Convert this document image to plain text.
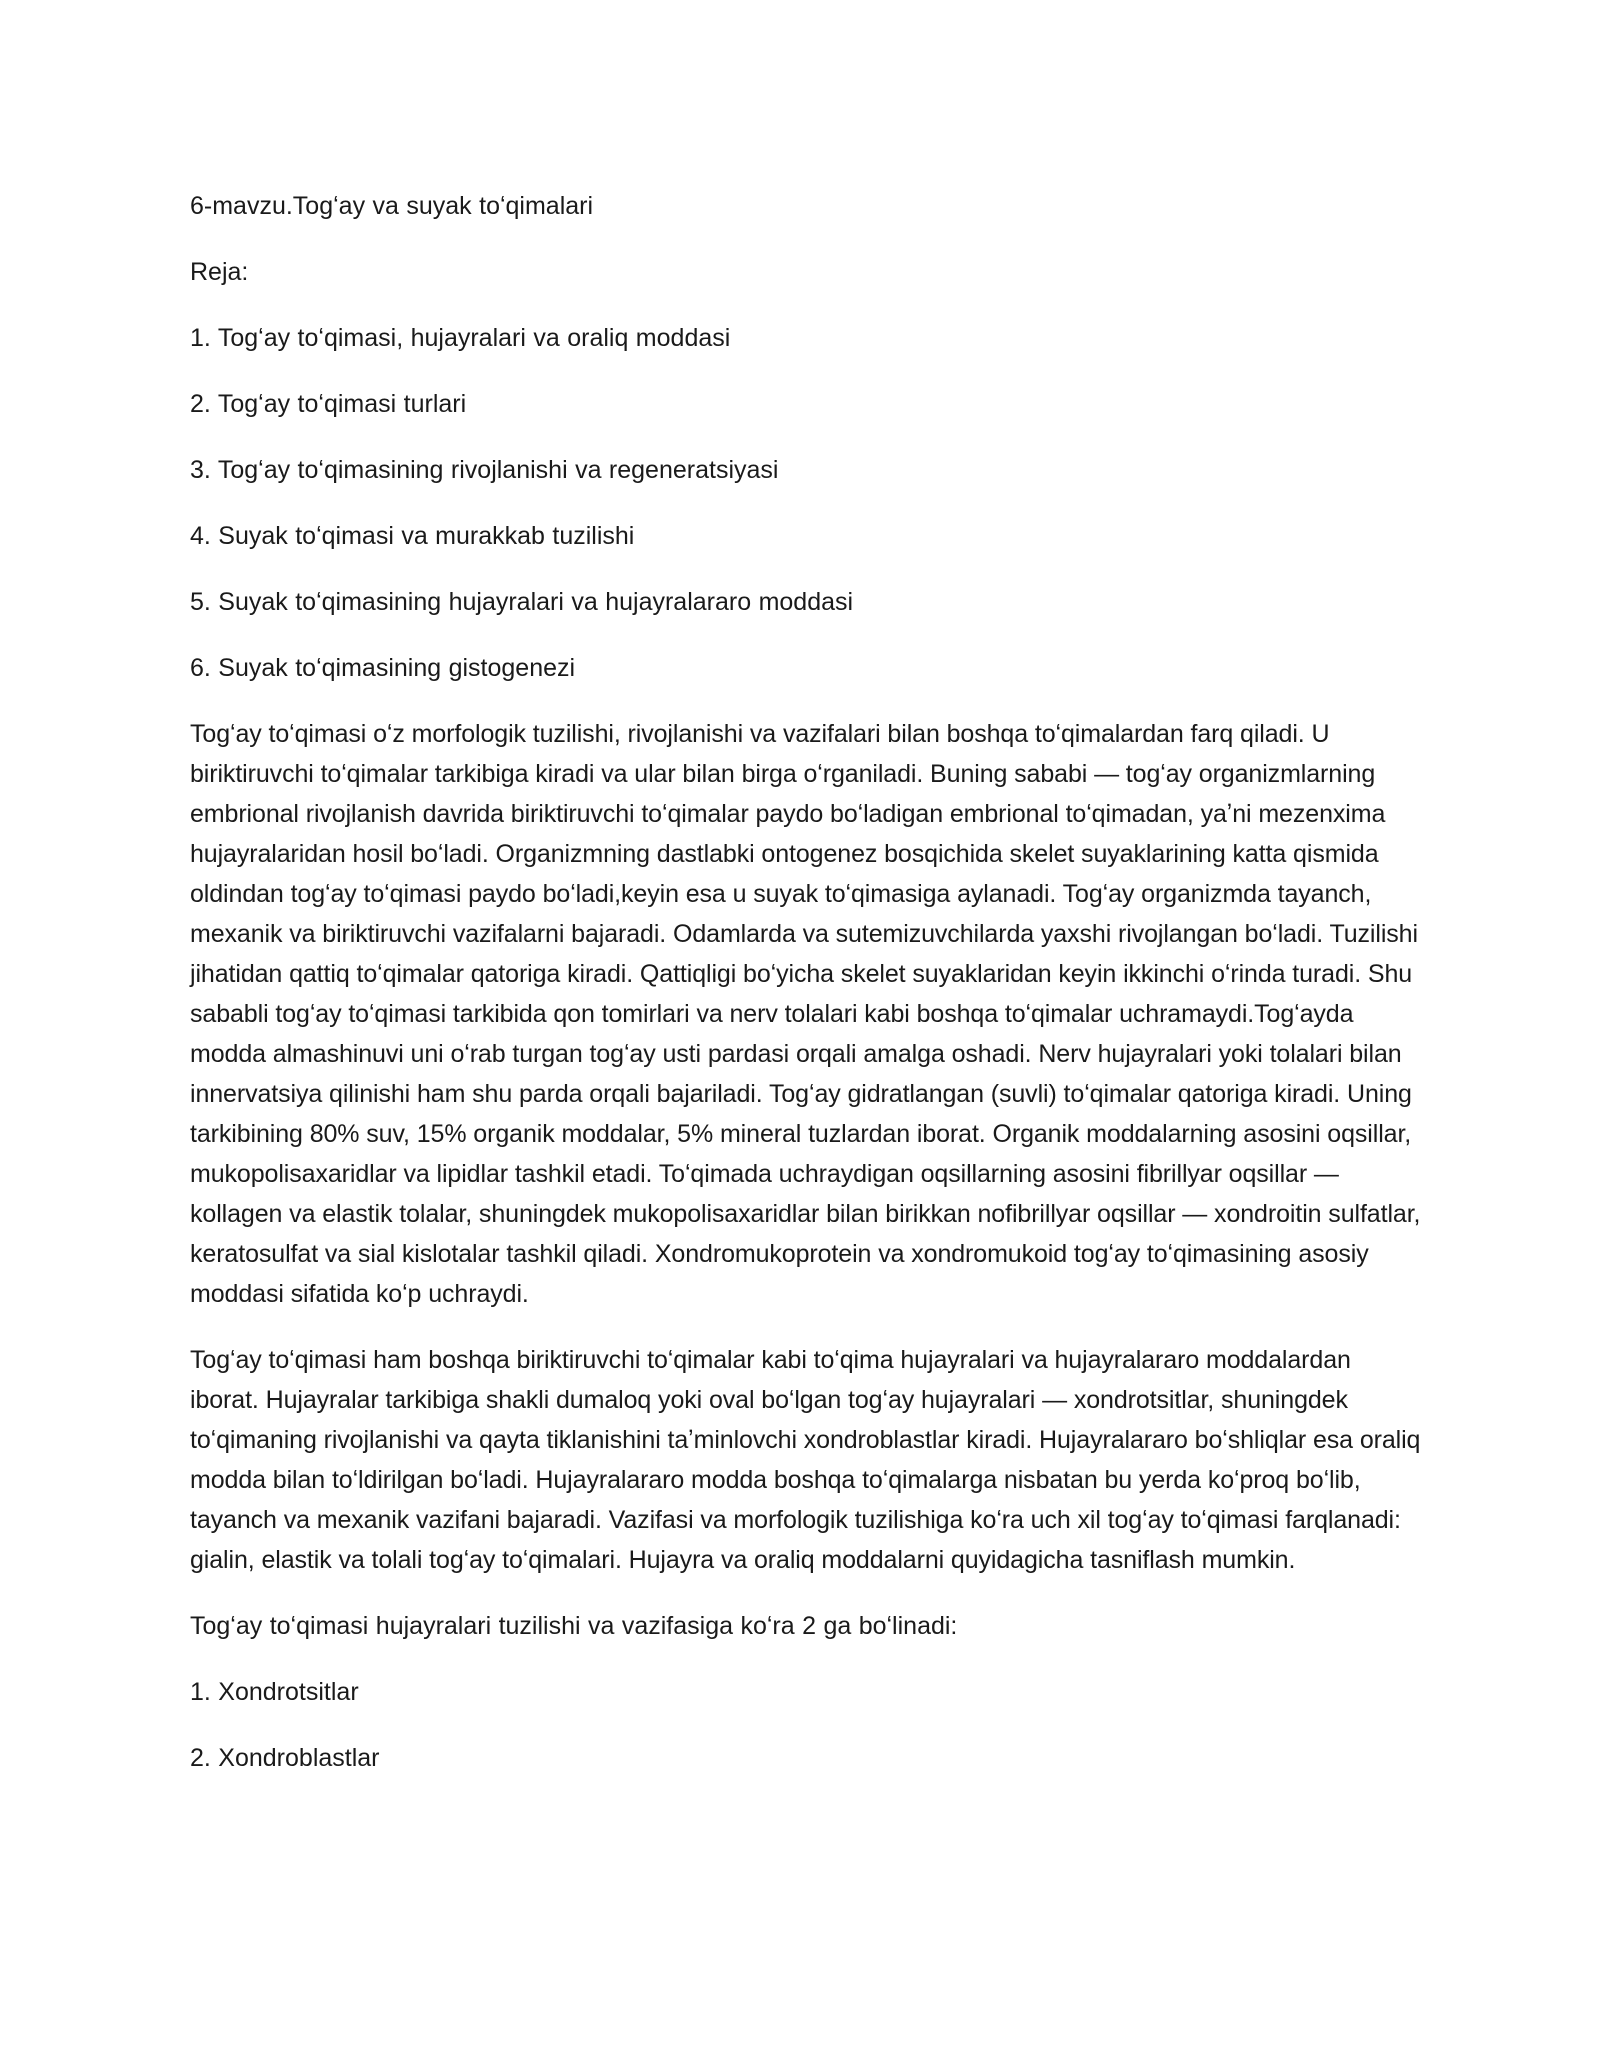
6-mavzu.Togʻay va suyak toʻqimalari

Reja:

1. Togʻay toʻqimasi, hujayralari va oraliq moddasi

2. Togʻay toʻqimasi turlari

3. Togʻay toʻqimasining rivojlanishi va regeneratsiyasi

4. Suyak toʻqimasi va murakkab tuzilishi

5. Suyak toʻqimasining hujayralari va hujayralararo moddasi

6. Suyak toʻqimasining gistogenezi

Togʻay toʻqimasi oʻz morfologik tuzilishi, rivojlanishi va vazifalari bilan boshqa toʻqimalardan farq qiladi. U biriktiruvchi toʻqimalar tarkibiga kiradi va ular bilan birga oʻrganiladi. Buning sababi — togʻay organizmlarning embrional rivojlanish davrida biriktiruvchi toʻqimalar paydo boʻladigan embrional toʻqimadan, yaʼni mezenxima hujayralaridan hosil boʻladi. Organizmning dastlabki ontogenez bosqichida skelet suyaklarining katta qismida oldindan togʻay toʻqimasi paydo boʻladi,keyin esa u suyak toʻqimasiga aylanadi. Togʻay organizmda tayanch, mexanik va biriktiruvchi vazifalarni bajaradi. Odamlarda va sutemizuvchilarda yaxshi rivojlangan boʻladi. Tuzilishi jihatidan qattiq toʻqimalar qatoriga kiradi. Qattiqligi boʻyicha skelet suyaklaridan keyin ikkinchi oʻrinda turadi. Shu sababli togʻay toʻqimasi tarkibida qon tomirlari va nerv tolalari kabi boshqa toʻqimalar uchramaydi.Togʻayda modda almashinuvi uni oʻrab turgan togʻay usti pardasi orqali amalga oshadi. Nerv hujayralari yoki tolalari bilan innervatsiya qilinishi ham shu parda orqali bajariladi. Togʻay gidratlangan (suvli) toʻqimalar qatoriga kiradi. Uning tarkibining 80% suv, 15% organik moddalar, 5% mineral tuzlardan iborat. Organik moddalarning asosini oqsillar, mukopolisaxaridlar va lipidlar tashkil etadi. Toʻqimada uchraydigan oqsillarning asosini fibrillyar oqsillar — kollagen va elastik tolalar, shuningdek mukopolisaxaridlar bilan birikkan nofibrillyar oqsillar — xondroitin sulfatlar, keratosulfat va sial kislotalar tashkil qiladi. Xondromukoprotein va xondromukoid togʻay toʻqimasining asosiy moddasi sifatida koʻp uchraydi.

Togʻay toʻqimasi ham boshqa biriktiruvchi toʻqimalar kabi toʻqima hujayralari va hujayralararo moddalardan iborat. Hujayralar tarkibiga shakli dumaloq yoki oval boʻlgan togʻay hujayralari — xondrotsitlar, shuningdek toʻqimaning rivojlanishi va qayta tiklanishini taʼminlovchi xondroblastlar kiradi. Hujayralararo boʻshliqlar esa oraliq modda bilan toʻldirilgan boʻladi. Hujayralararo modda boshqa toʻqimalarga nisbatan bu yerda koʻproq boʻlib, tayanch va mexanik vazifani bajaradi. Vazifasi va morfologik tuzilishiga koʻra uch xil togʻay toʻqimasi farqlanadi: gialin, elastik va tolali togʻay toʻqimalari. Hujayra va oraliq moddalarni quyidagicha tasniflash mumkin.

Togʻay toʻqimasi hujayralari tuzilishi va vazifasiga koʻra 2 ga boʻlinadi:

1. Xondrotsitlar

2. Xondroblastlar
